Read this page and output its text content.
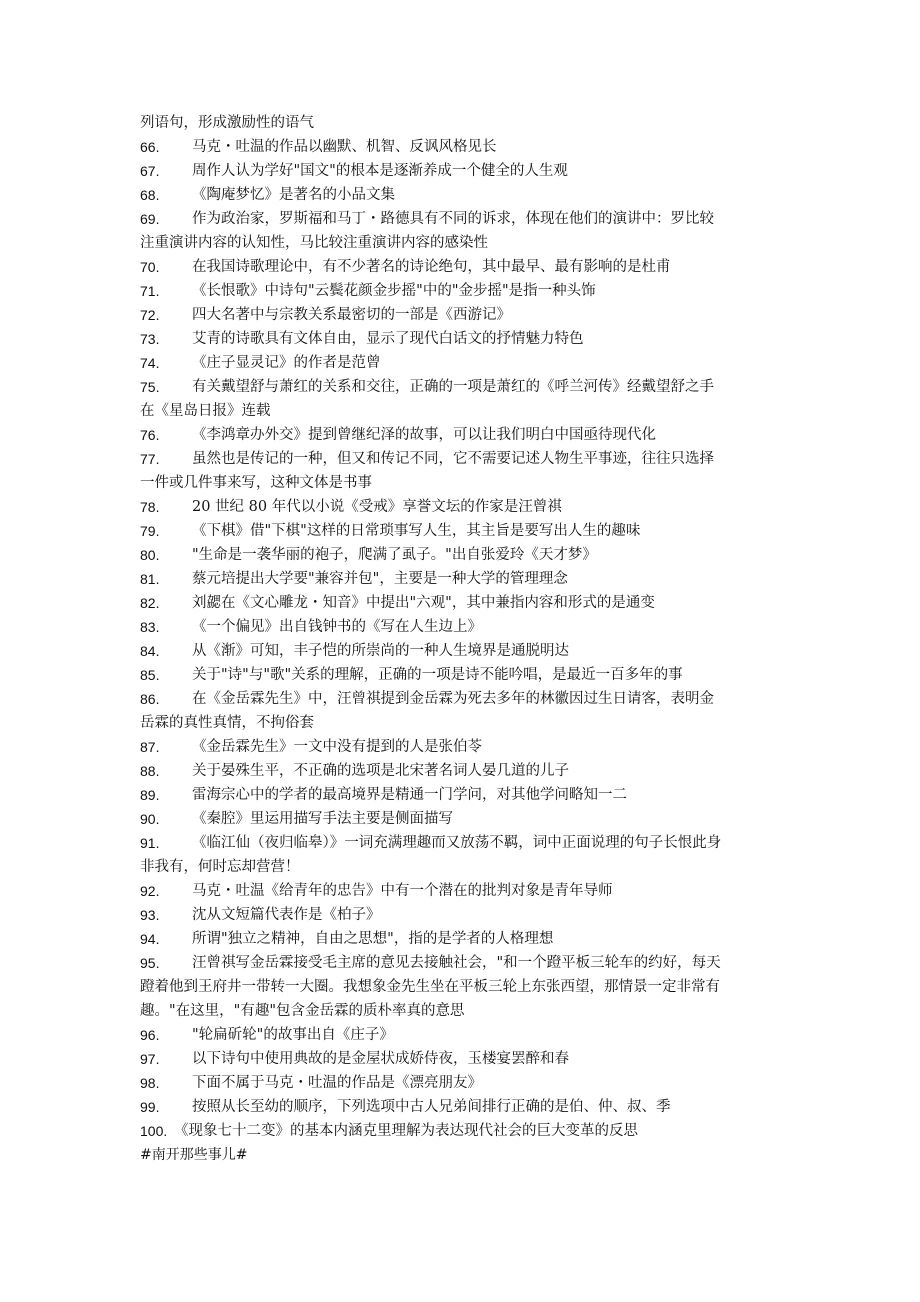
列语句，形成激励性的语气
66.	马克・吐温的作品以幽默、机智、反讽风格见长
67.	周作人认为学好"国文"的根本是逐渐养成一个健全的人生观
68.	《陶庵梦忆》是著名的小品文集
69.	作为政治家，罗斯福和马丁・路德具有不同的诉求，体现在他们的演讲中：罗比较
注重演讲内容的认知性，马比较注重演讲内容的感染性
70.	在我国诗歌理论中，有不少著名的诗论绝句，其中最早、最有影响的是杜甫
71.	《长恨歌》中诗句"云鬓花颜金步摇"中的"金步摇"是指一种头饰
72.	四大名著中与宗教关系最密切的一部是《西游记》
73.	艾青的诗歌具有文体自由，显示了现代白话文的抒情魅力特色
74.	《庄子显灵记》的作者是范曾
75.	有关戴望舒与萧红的关系和交往，正确的一项是萧红的《呼兰河传》经戴望舒之手
在《星岛日报》连载
76.	《李鸿章办外交》提到曾继纪泽的故事，可以让我们明白中国亟待现代化
77.	虽然也是传记的一种，但又和传记不同，它不需要记述人物生平事迹，往往只选择
一件或几件事来写，这种文体是书事
78.	20 世纪 80 年代以小说《受戒》享誉文坛的作家是汪曾祺
79.	《下棋》借"下棋"这样的日常琐事写人生，其主旨是要写出人生的趣味
80.	"生命是一袭华丽的袍子，爬满了虱子。"出自张爱玲《天才梦》
81.	蔡元培提出大学要"兼容并包"，主要是一种大学的管理理念
82.	刘勰在《文心雕龙・知音》中提出"六观"，其中兼指内容和形式的是通变
83.	《一个偏见》出自钱钟书的《写在人生边上》
84.	从《渐》可知，丰子恺的所崇尚的一种人生境界是通脱明达
85.	关于"诗"与"歌"关系的理解，正确的一项是诗不能吟唱，是最近一百多年的事
86.	在《金岳霖先生》中，汪曾祺提到金岳霖为死去多年的林徽因过生日请客，表明金
岳霖的真性真情，不拘俗套
87.	《金岳霖先生》一文中没有提到的人是张伯苓
88.	关于晏殊生平，不正确的选项是北宋著名词人晏几道的儿子
89.	雷海宗心中的学者的最高境界是精通一门学问，对其他学问略知一二
90.	《秦腔》里运用描写手法主要是侧面描写
91.	《临江仙（夜归临皋）》一词充满理趣而又放荡不羁，词中正面说理的句子长恨此身
非我有，何时忘却营营！
92.	马克・吐温《给青年的忠告》中有一个潜在的批判对象是青年导师
93.	沈从文短篇代表作是《柏子》
94.	所谓"独立之精神，自由之思想"，指的是学者的人格理想
95.	汪曾祺写金岳霖接受毛主席的意见去接触社会，"和一个蹬平板三轮车的约好，每天
蹬着他到王府井一带转一大圈。我想象金先生坐在平板三轮上东张西望，那情景一定非常有
趣。"在这里，"有趣"包含金岳霖的质朴率真的意思
96.	"轮扁斫轮"的故事出自《庄子》
97.	以下诗句中使用典故的是金屋状成娇侍夜，玉楼宴罢醉和春
98.	下面不属于马克・吐温的作品是《漂亮朋友》
99.	按照从长至幼的顺序，下列选项中古人兄弟间排行正确的是伯、仲、叔、季
100. 《现象七十二变》的基本内涵克里理解为表达现代社会的巨大变革的反思
#南开那些事儿#
